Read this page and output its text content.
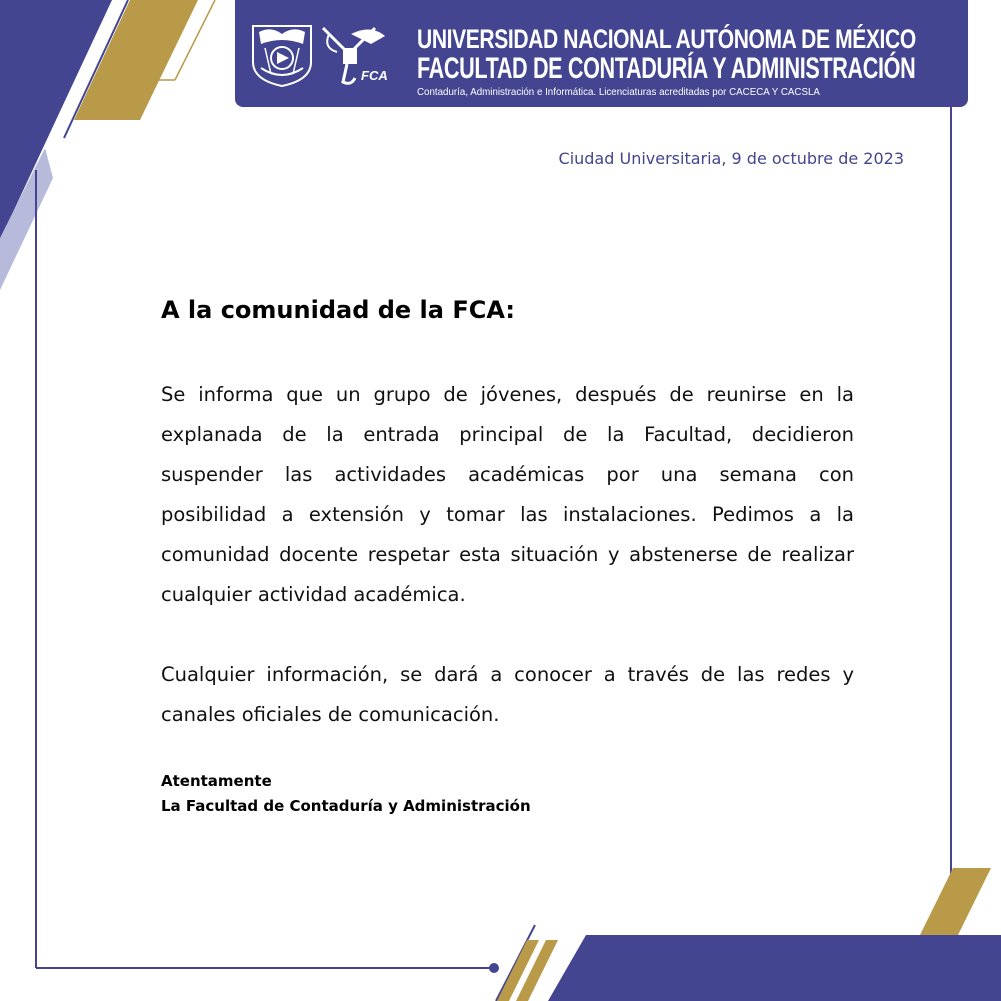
FCA
UNIVERSIDAD NACIONAL AUTÓNOMA DE MÉXICO
FACULTAD DE CONTADURÍA Y ADMINISTRACIÓN
Contaduría, Administración e Informática. Licenciaturas acreditadas por CACECA Y CACSLA
Ciudad Universitaria, 9 de octubre de 2023
A la comunidad de la FCA:

Se informa que un grupo de jóvenes, después de reunirse en la explanada de la entrada principal de la Facultad, decidieron suspender las actividades académicas por una semana con posibilidad a extensión y tomar las instalaciones. Pedimos a la comunidad docente respetar esta situación y abstenerse de realizar cualquier actividad académica.

Cualquier información, se dará a conocer a través de las redes y canales oficiales de comunicación.

Atentamente
La Facultad de Contaduría y Administración
